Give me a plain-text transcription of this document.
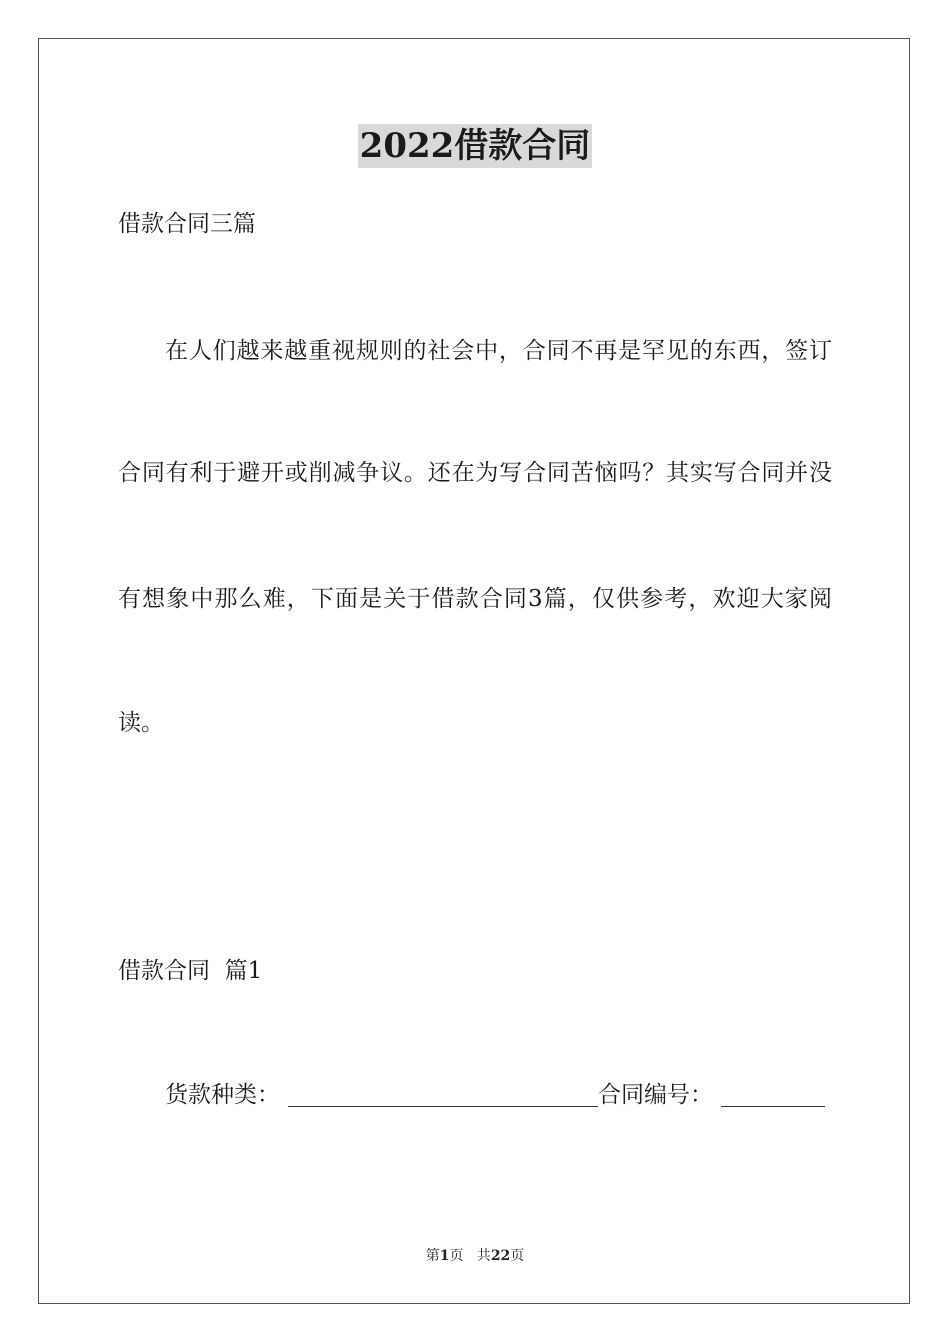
2022借款合同
借款合同三篇
在人们越来越重视规则的社会中，合同不再是罕见的东西，签订
合同有利于避开或削减争议。还在为写合同苦恼吗？其实写合同并没
有想象中那么难，下面是关于借款合同3篇，仅供参考，欢迎大家阅
读。
借款合同  篇1
货款种类：	合同编号：
第1页   共22页
